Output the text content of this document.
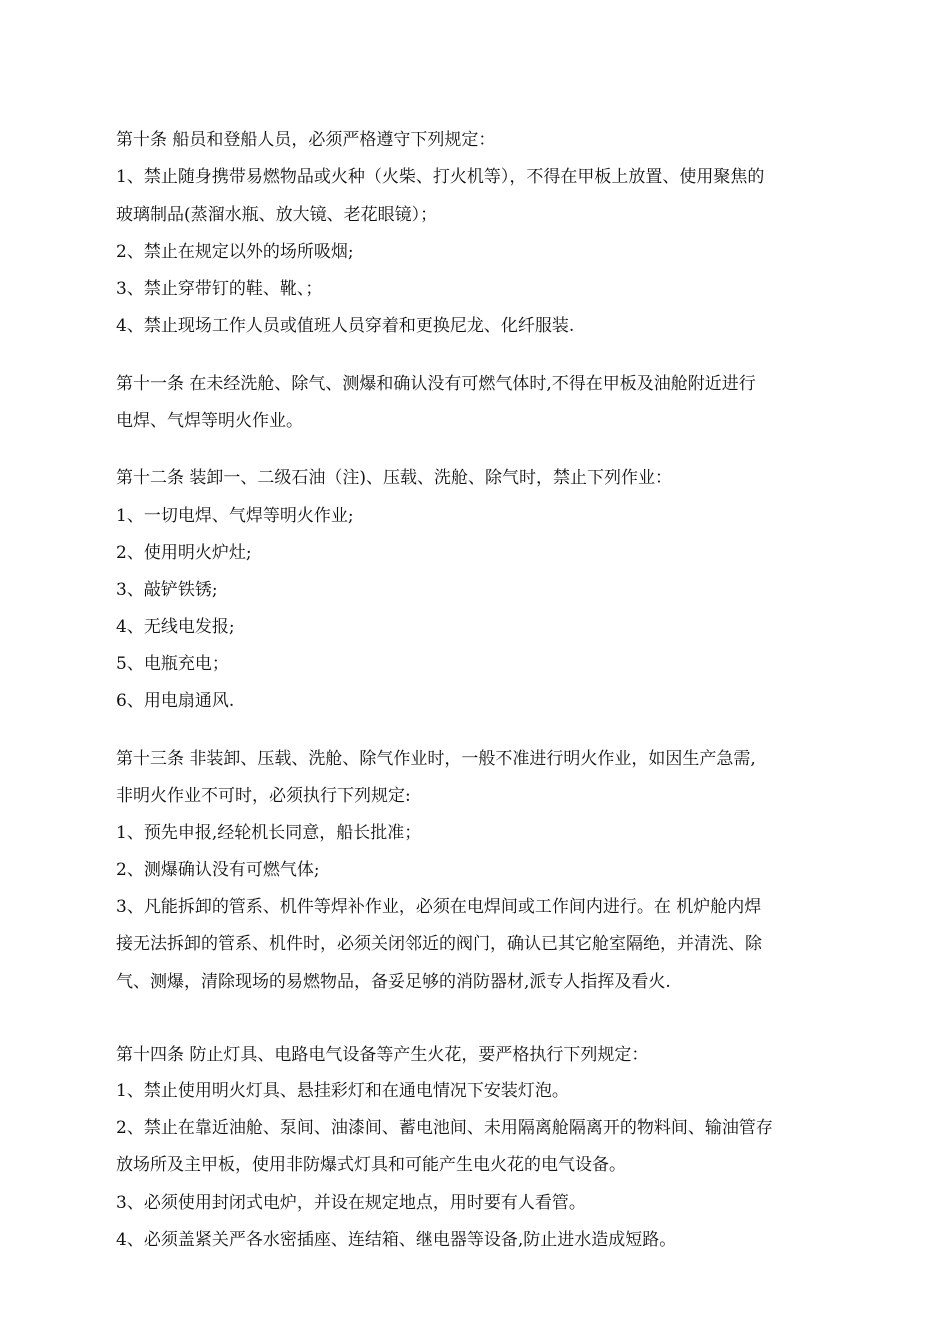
第十条 船员和登船人员，必须严格遵守下列规定：
1、禁止随身携带易燃物品或火种（火柴、打火机等），不得在甲板上放置、使用聚焦的
玻璃制品(蒸溜水瓶、放大镜、老花眼镜）；
2、禁止在规定以外的场所吸烟;
3、禁止穿带钉的鞋、靴、；
4、禁止现场工作人员或值班人员穿着和更换尼龙、化纤服装.
第十一条 在未经洗舱、除气、测爆和确认没有可燃气体时,不得在甲板及油舱附近进行
电焊、气焊等明火作业。
第十二条 装卸一、二级石油（注)、压载、洗舱、除气时，禁止下列作业：
1、一切电焊、气焊等明火作业;
2、使用明火炉灶;
3、敲铲铁锈;
4、无线电发报;
5、电瓶充电；
6、用电扇通风.
第十三条 非装卸、压载、洗舱、除气作业时，一般不准进行明火作业，如因生产急需,
非明火作业不可时，必须执行下列规定:
1、预先申报,经轮机长同意，船长批准；
2、测爆确认没有可燃气体;
3、凡能拆卸的管系、机件等焊补作业，必须在电焊间或工作间内进行。在 机炉舱内焊
接无法拆卸的管系、机件时，必须关闭邻近的阀门，确认已其它舱室隔绝，并清洗、除
气、测爆，清除现场的易燃物品，备妥足够的消防器材,派专人指挥及看火.
第十四条 防止灯具、电路电气设备等产生火花，要严格执行下列规定：
1、禁止使用明火灯具、悬挂彩灯和在通电情况下安装灯泡。
2、禁止在靠近油舱、泵间、油漆间、蓄电池间、未用隔离舱隔离开的物料间、输油管存
放场所及主甲板，使用非防爆式灯具和可能产生电火花的电气设备。
3、必须使用封闭式电炉，并设在规定地点，用时要有人看管。
4、必须盖紧关严各水密插座、连结箱、继电器等设备,防止进水造成短路。
